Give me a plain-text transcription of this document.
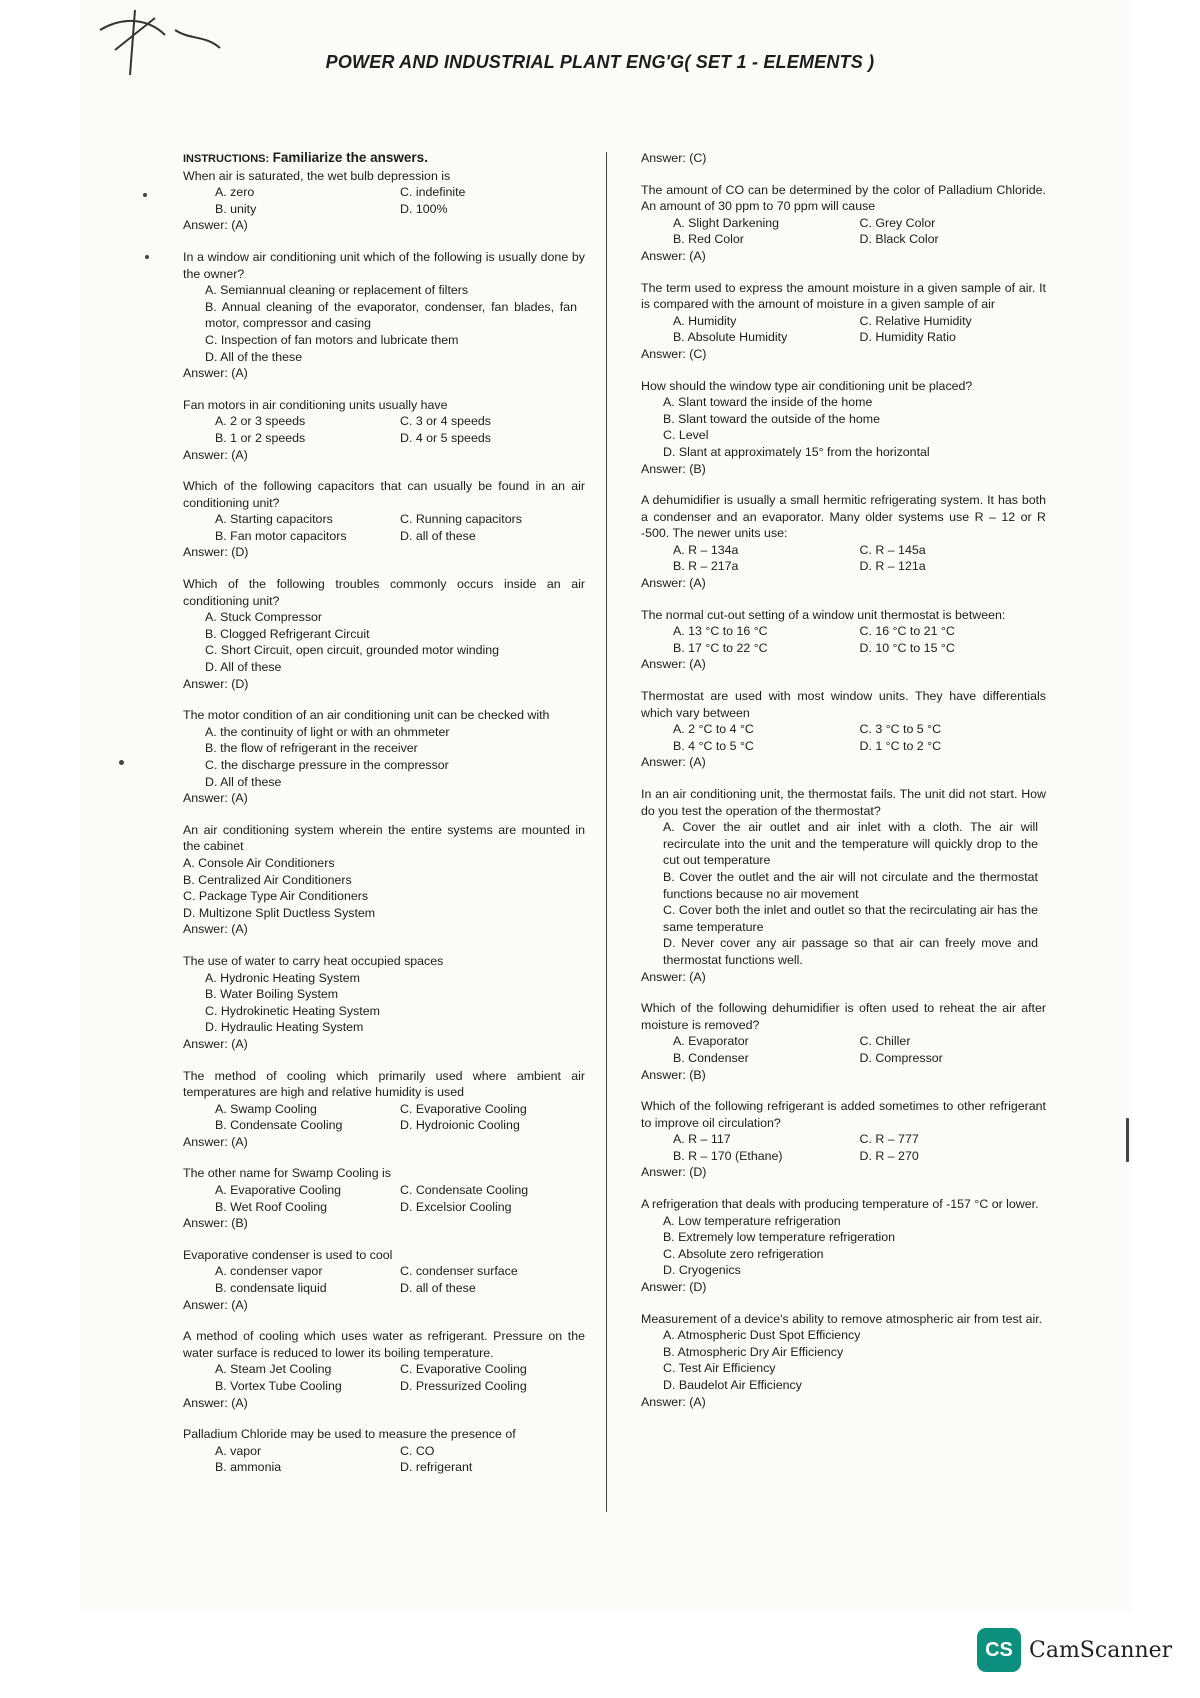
POWER AND INDUSTRIAL PLANT ENG'G( SET 1 - ELEMENTS )
INSTRUCTIONS: Familiarize the answers.
When air is saturated, the wet bulb depression is
A. zero	C. indefinite
B. unity	D. 100%
Answer: (A)
In a window air conditioning unit which of the following is usually done by the owner?
A. Semiannual cleaning or replacement of filters
B. Annual cleaning of the evaporator, condenser, fan blades, fan motor, compressor and casing
C. Inspection of fan motors and lubricate them
D. All of the these
Answer: (A)
Fan motors in air conditioning units usually have
A. 2 or 3 speeds	C. 3 or 4 speeds
B. 1 or 2 speeds	D. 4 or 5 speeds
Answer: (A)
Which of the following capacitors that can usually be found in an air conditioning unit?
A. Starting capacitors	C. Running capacitors
B. Fan motor capacitors	D. all of these
Answer: (D)
Which of the following troubles commonly occurs inside an air conditioning unit?
A. Stuck Compressor
B. Clogged Refrigerant Circuit
C. Short Circuit, open circuit, grounded motor winding
D. All of these
Answer: (D)
The motor condition of an air conditioning unit can be checked with
A. the continuity of light or with an ohmmeter
B. the flow of refrigerant in the receiver
C. the discharge pressure in the compressor
D. All of these
Answer: (A)
An air conditioning system wherein the entire systems are mounted in the cabinet
A. Console Air Conditioners
B. Centralized Air Conditioners
C. Package Type Air Conditioners
D. Multizone Split Ductless System
Answer: (A)
The use of water to carry heat occupied spaces
A. Hydronic Heating System
B. Water Boiling System
C. Hydrokinetic Heating System
D. Hydraulic Heating System
Answer: (A)
The method of cooling which primarily used where ambient air temperatures are high and relative humidity is used
A. Swamp Cooling	C. Evaporative Cooling
B. Condensate Cooling	D. Hydroionic Cooling
Answer: (A)
The other name for Swamp Cooling is
A. Evaporative Cooling	C. Condensate Cooling
B. Wet Roof Cooling	D. Excelsior Cooling
Answer: (B)
Evaporative condenser is used to cool
A. condenser vapor	C. condenser surface
B. condensate liquid	D. all of these
Answer: (A)
A method of cooling which uses water as refrigerant. Pressure on the water surface is reduced to lower its boiling temperature.
A. Steam Jet Cooling	C. Evaporative Cooling
B. Vortex Tube Cooling	D. Pressurized Cooling
Answer: (A)
Palladium Chloride may be used to measure the presence of
A. vapor	C. CO
B. ammonia	D. refrigerant
Answer: (C)
The amount of CO can be determined by the color of Palladium Chloride. An amount of 30 ppm to 70 ppm will cause
A. Slight Darkening	C. Grey Color
B. Red Color	D. Black Color
Answer: (A)
The term used to express the amount moisture in a given sample of air. It is compared with the amount of moisture in a given sample of air
A. Humidity	C. Relative Humidity
B. Absolute Humidity	D. Humidity Ratio
Answer: (C)
How should the window type air conditioning unit be placed?
A. Slant toward the inside of the home
B. Slant toward the outside of the home
C. Level
D. Slant at approximately 15° from the horizontal
Answer: (B)
A dehumidifier is usually a small hermitic refrigerating system. It has both a condenser and an evaporator. Many older systems use R – 12 or R -500. The newer units use:
A. R – 134a	C. R – 145a
B. R – 217a	D. R – 121a
Answer: (A)
The normal cut-out setting of a window unit thermostat is between:
A. 13 °C to 16 °C	C. 16 °C to 21 °C
B. 17 °C to 22 °C	D. 10 °C to 15 °C
Answer: (A)
Thermostat are used with most window units. They have differentials which vary between
A. 2 °C to 4 °C	C. 3 °C to 5 °C
B. 4 °C to 5 °C	D. 1 °C to 2 °C
Answer: (A)
In an air conditioning unit, the thermostat fails. The unit did not start. How do you test the operation of the thermostat?
A. Cover the air outlet and air inlet with a cloth. The air will recirculate into the unit and the temperature will quickly drop to the cut out temperature
B. Cover the outlet and the air will not circulate and the thermostat functions because no air movement
C. Cover both the inlet and outlet so that the recirculating air has the same temperature
D. Never cover any air passage so that air can freely move and thermostat functions well.
Answer: (A)
Which of the following dehumidifier is often used to reheat the air after moisture is removed?
A. Evaporator	C. Chiller
B. Condenser	D. Compressor
Answer: (B)
Which of the following refrigerant is added sometimes to other refrigerant to improve oil circulation?
A. R – 117	C. R – 777
B. R – 170 (Ethane)	D. R – 270
Answer: (D)
A refrigeration that deals with producing temperature of -157 °C or lower.
A. Low temperature refrigeration
B. Extremely low temperature refrigeration
C. Absolute zero refrigeration
D. Cryogenics
Answer: (D)
Measurement of a device's ability to remove atmospheric air from test air.
A. Atmospheric Dust Spot Efficiency
B. Atmospheric Dry Air Efficiency
C. Test Air Efficiency
D. Baudelot Air Efficiency
Answer: (A)
CS CamScanner
